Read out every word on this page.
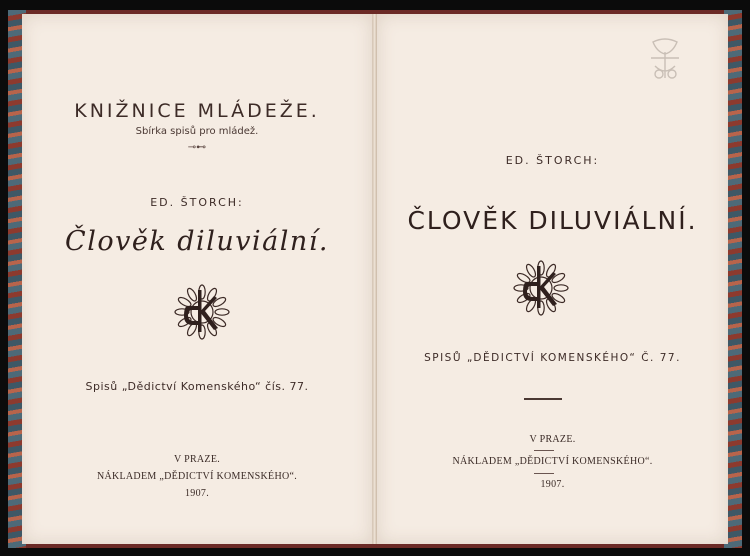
KNIŽNICE MLÁDEŽE.
Sbírka spisů pro mládež.
⊸⊷
ED. ŠTORCH:
Člověk diluviální.
Spisů „Dědictví Komenského“ čís. 77.
V PRAZE.
NÁKLADEM „DĚDICTVÍ KOMENSKÉHO“.
1907.
ED. ŠTORCH:
ČLOVĚK DILUVIÁLNÍ.
SPISŮ „DĚDICTVÍ KOMENSKÉHO“ Č. 77.
V PRAZE.
NÁKLADEM „DĚDICTVÍ KOMENSKÉHO“.
1907.
